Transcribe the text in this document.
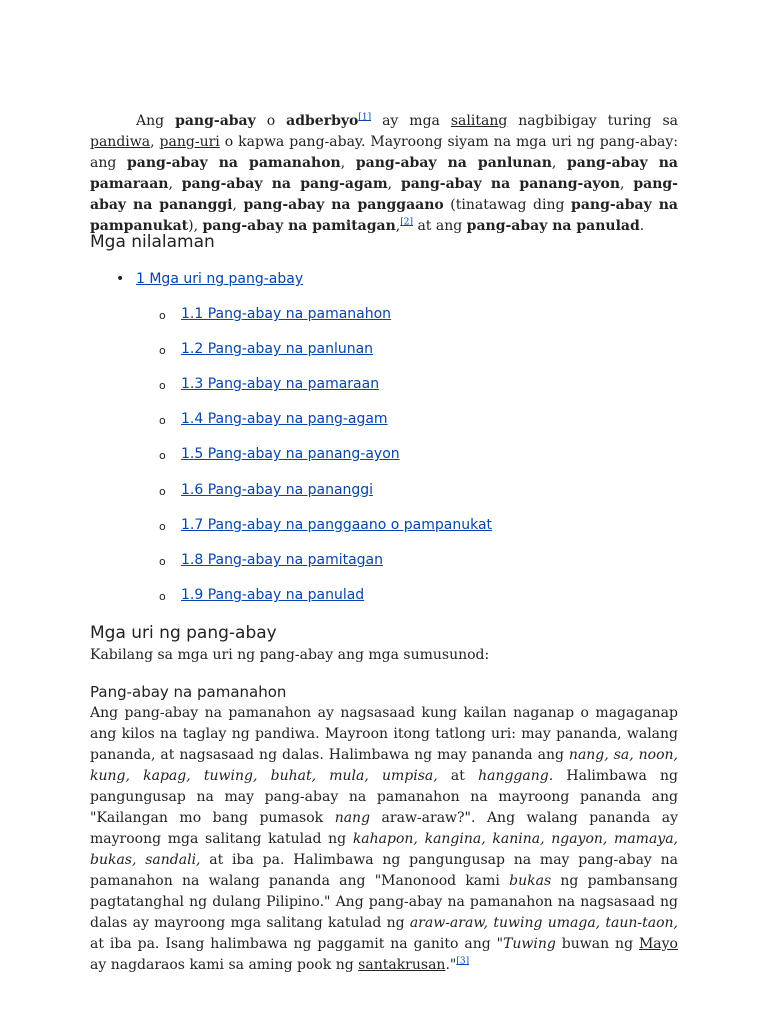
Ang pang-abay o adberbyo[1] ay mga salitang nagbibigay turing sa pandiwa, pang-uri o kapwa pang-abay. Mayroong siyam na mga uri ng pang-abay: ang pang-abay na pamanahon, pang-abay na panlunan, pang-abay na pamaraan, pang-abay na pang-agam, pang-abay na panang-ayon, pang-abay na pananggi, pang-abay na panggaano (tinatawag ding pang-abay na pampanukat), pang-abay na pamitagan,[2] at ang pang-abay na panulad.

Mga nilalaman
• 1 Mga uri ng pang-abay
o 1.1 Pang-abay na pamanahon
o 1.2 Pang-abay na panlunan
o 1.3 Pang-abay na pamaraan
o 1.4 Pang-abay na pang-agam
o 1.5 Pang-abay na panang-ayon
o 1.6 Pang-abay na pananggi
o 1.7 Pang-abay na panggaano o pampanukat
o 1.8 Pang-abay na pamitagan
o 1.9 Pang-abay na panulad
Mga uri ng pang-abay

Kabilang sa mga uri ng pang-abay ang mga sumusunod:

Pang-abay na pamanahon

Ang pang-abay na pamanahon ay nagsasaad kung kailan naganap o magaganap ang kilos na taglay ng pandiwa. Mayroon itong tatlong uri: may pananda, walang pananda, at nagsasaad ng dalas. Halimbawa ng may pananda ang nang, sa, noon, kung, kapag, tuwing, buhat, mula, umpisa, at hanggang. Halimbawa ng pangungusap na may pang-abay na pamanahon na mayroong pananda ang "Kailangan mo bang pumasok nang araw-araw?". Ang walang pananda ay mayroong mga salitang katulad ng kahapon, kangina, kanina, ngayon, mamaya, bukas, sandali, at iba pa. Halimbawa ng pangungusap na may pang-abay na pamanahon na walang pananda ang "Manonood kami bukas ng pambansang pagtatanghal ng dulang Pilipino." Ang pang-abay na pamanahon na nagsasaad ng dalas ay mayroong mga salitang katulad ng araw-araw, tuwing umaga, taun-taon, at iba pa. Isang halimbawa ng paggamit na ganito ang "Tuwing buwan ng Mayo ay nagdaraos kami sa aming pook ng santakrusan."[3]
